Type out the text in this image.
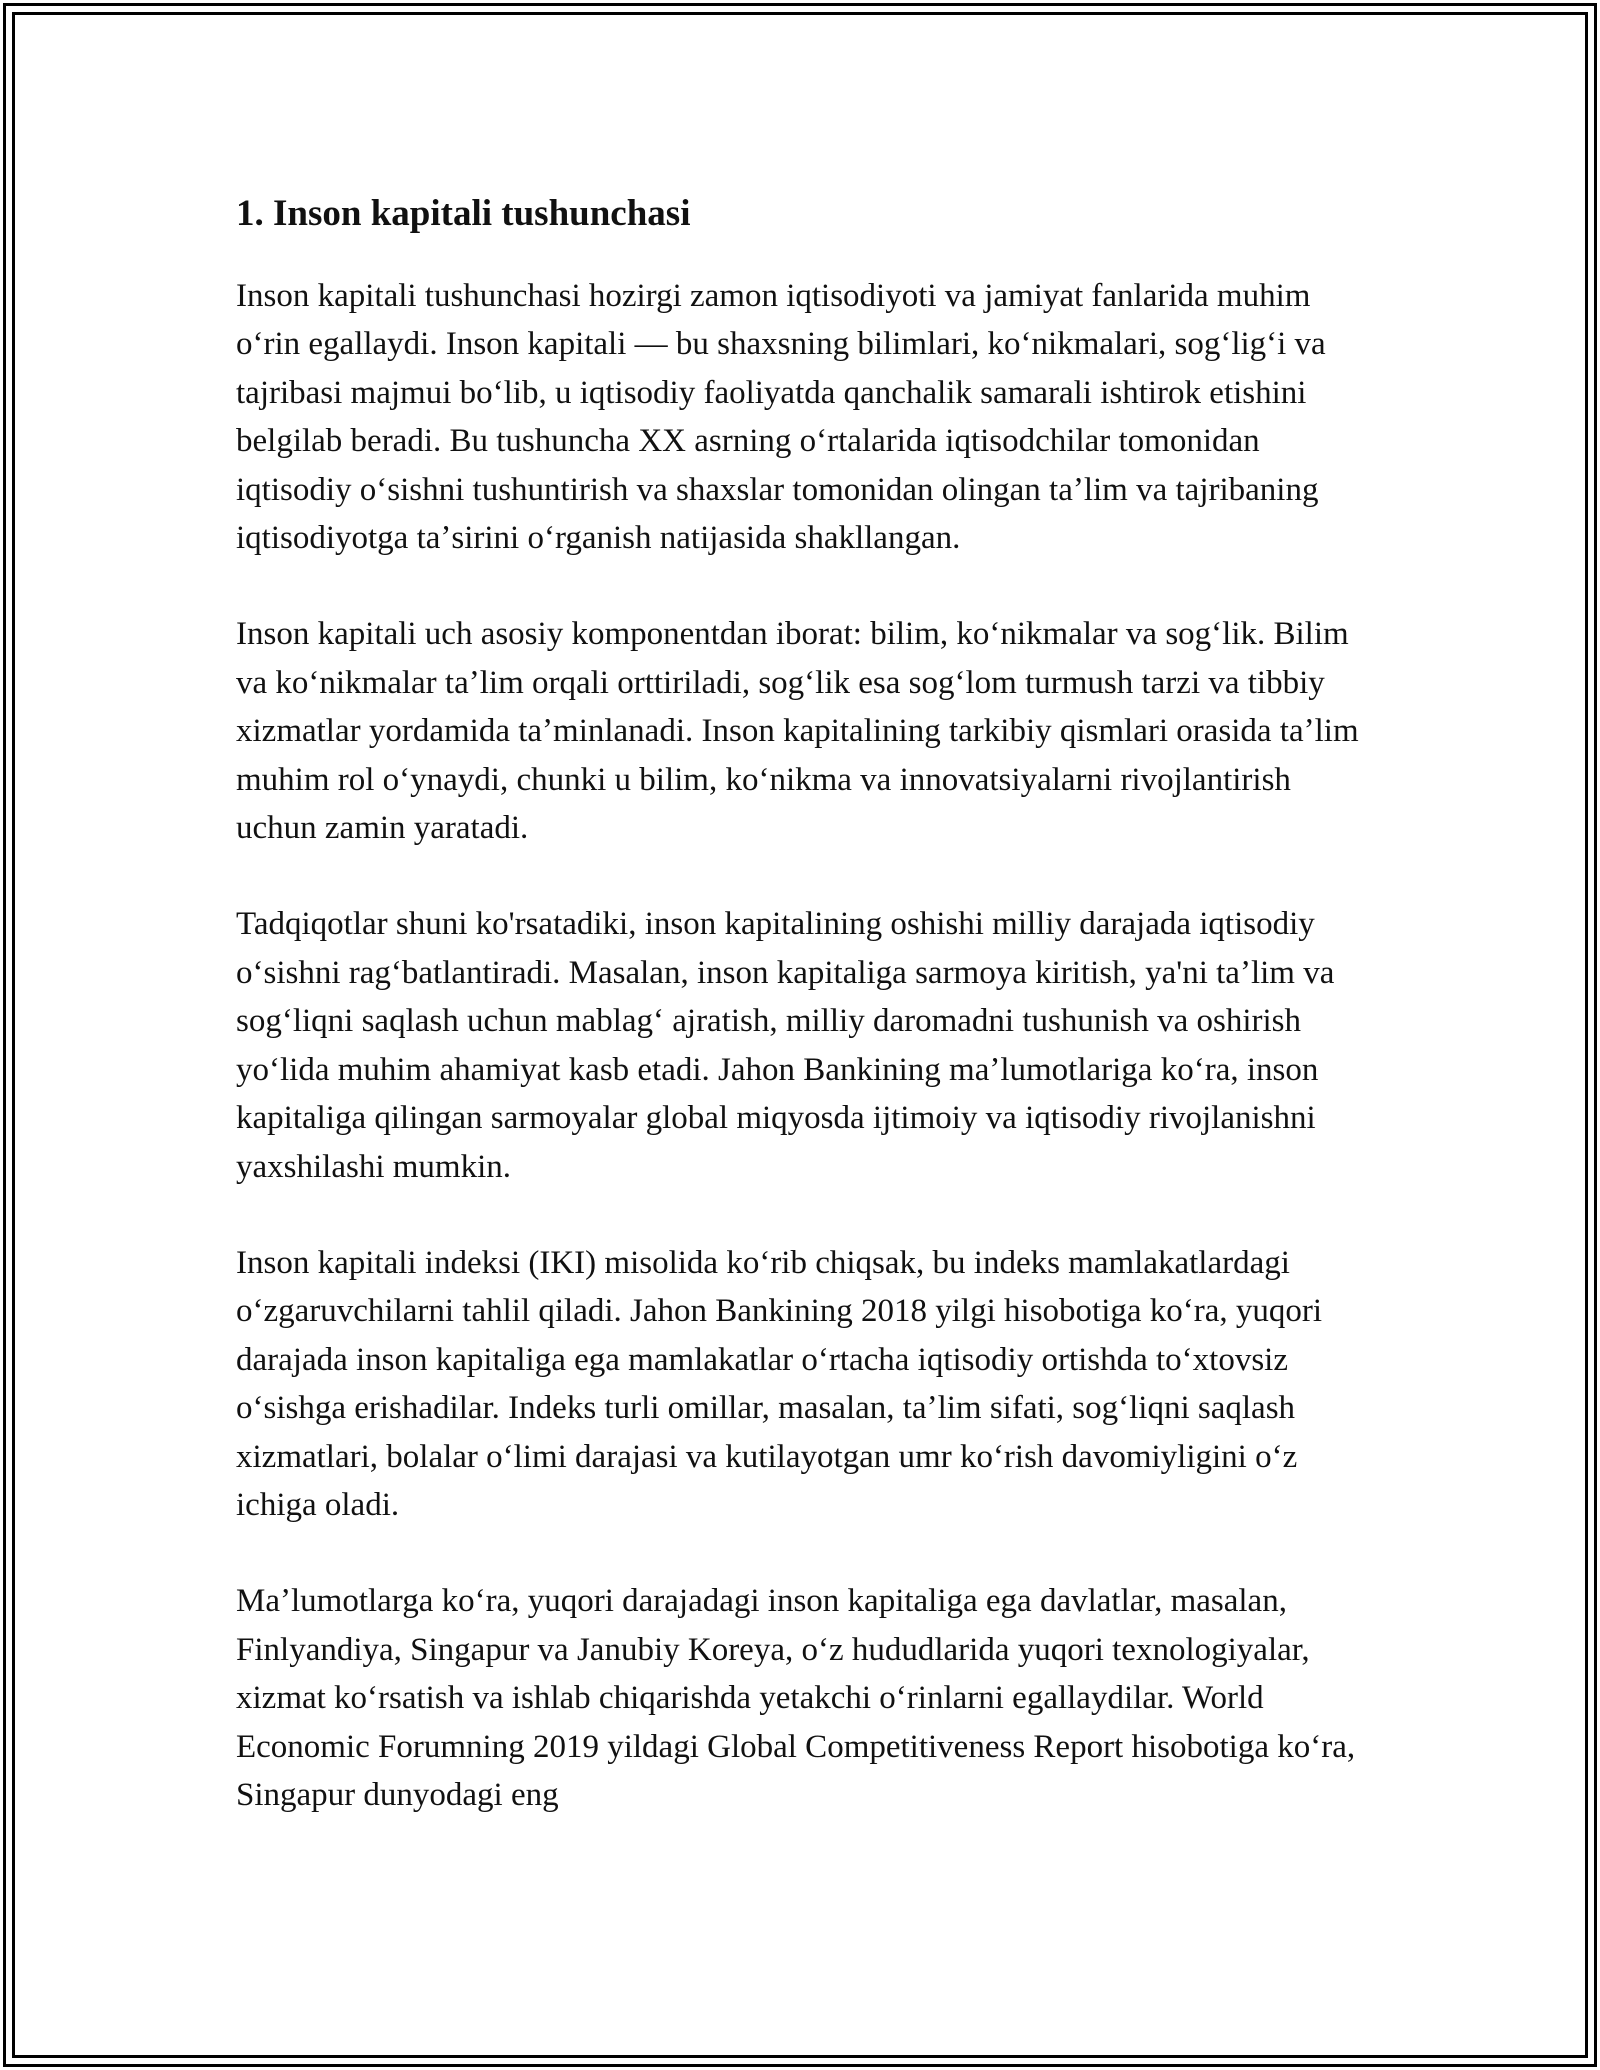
1. Inson kapitali tushunchasi

Inson kapitali tushunchasi hozirgi zamon iqtisodiyoti va jamiyat fanlarida muhim oʻrin egallaydi. Inson kapitali — bu shaxsning bilimlari, koʻnikmalari, sogʻligʻi va tajribasi majmui boʻlib, u iqtisodiy faoliyatda qanchalik samarali ishtirok etishini belgilab beradi. Bu tushuncha XX asrning oʻrtalarida iqtisodchilar tomonidan iqtisodiy oʻsishni tushuntirish va shaxslar tomonidan olingan taʼlim va tajribaning iqtisodiyotga taʼsirini oʻrganish natijasida shakllangan.

Inson kapitali uch asosiy komponentdan iborat: bilim, koʻnikmalar va sogʻlik. Bilim va koʻnikmalar taʼlim orqali orttiriladi, sogʻlik esa sogʻlom turmush tarzi va tibbiy xizmatlar yordamida taʼminlanadi. Inson kapitalining tarkibiy qismlari orasida taʼlim muhim rol oʻynaydi, chunki u bilim, koʻnikma va innovatsiyalarni rivojlantirish uchun zamin yaratadi.

Tadqiqotlar shuni ko'rsatadiki, inson kapitalining oshishi milliy darajada iqtisodiy oʻsishni ragʻbatlantiradi. Masalan, inson kapitaliga sarmoya kiritish, ya'ni taʼlim va sogʻliqni saqlash uchun mablagʻ ajratish, milliy daromadni tushunish va oshirish yoʻlida muhim ahamiyat kasb etadi. Jahon Bankining maʼlumotlariga koʻra, inson kapitaliga qilingan sarmoyalar global miqyosda ijtimoiy va iqtisodiy rivojlanishni yaxshilashi mumkin.

Inson kapitali indeksi (IKI) misolida koʻrib chiqsak, bu indeks mamlakatlardagi oʻzgaruvchilarni tahlil qiladi. Jahon Bankining 2018 yilgi hisobotiga koʻra, yuqori darajada inson kapitaliga ega mamlakatlar oʻrtacha iqtisodiy ortishda toʻxtovsiz oʻsishga erishadilar. Indeks turli omillar, masalan, taʼlim sifati, sogʻliqni saqlash xizmatlari, bolalar oʻlimi darajasi va kutilayotgan umr koʻrish davomiyligini oʻz ichiga oladi.

Maʼlumotlarga koʻra, yuqori darajadagi inson kapitaliga ega davlatlar, masalan, Finlyandiya, Singapur va Janubiy Koreya, oʻz hududlarida yuqori texnologiyalar, xizmat koʻrsatish va ishlab chiqarishda yetakchi oʻrinlarni egallaydilar. World Economic Forumning 2019 yildagi Global Competitiveness Report hisobotiga koʻra, Singapur dunyodagi eng
